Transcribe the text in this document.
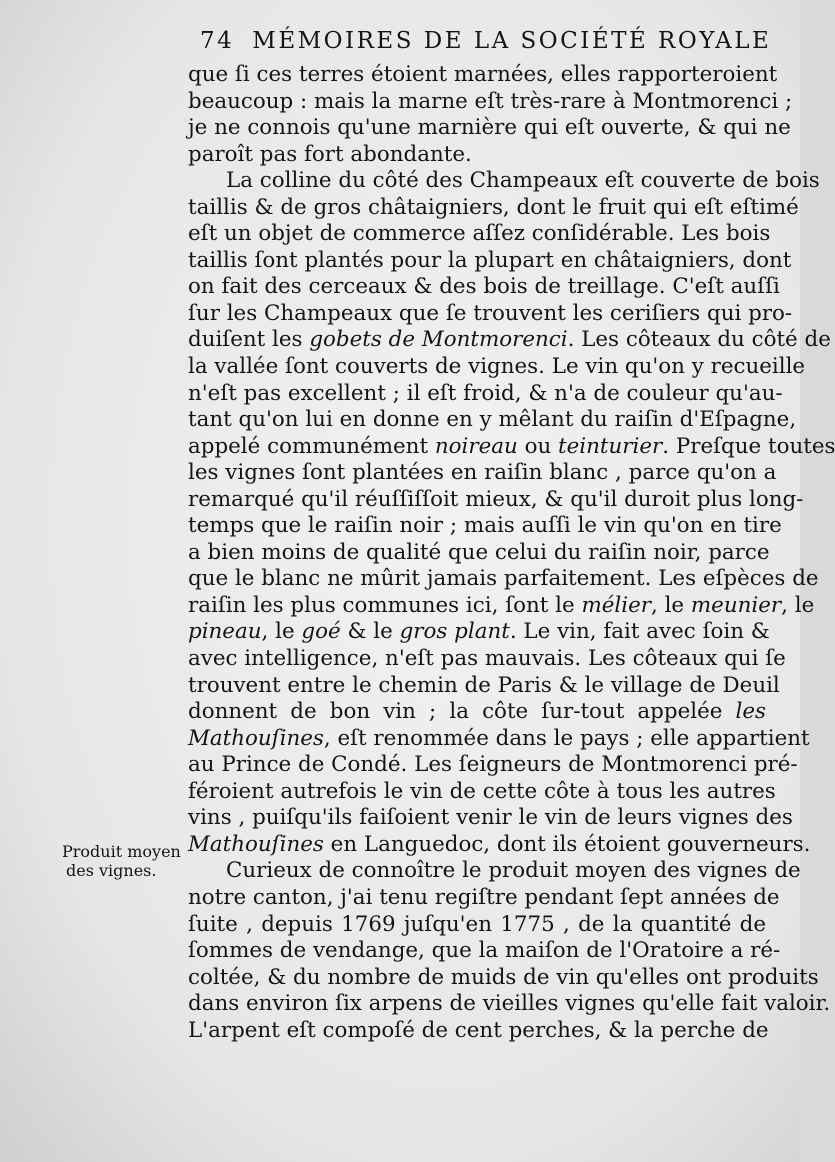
74 MÉMOIRES DE LA SOCIÉTÉ ROYALE
que ſi ces terres étoient marnées, elles rapporteroient
beaucoup : mais la marne eſt très-rare à Montmorenci ;
je ne connois qu'une marnière qui eſt ouverte, & qui ne
paroît pas fort abondante.
La colline du côté des Champeaux eſt couverte de bois
taillis & de gros châtaigniers, dont le fruit qui eſt eſtimé
eſt un objet de commerce aſſez conſidérable. Les bois
taillis ſont plantés pour la plupart en châtaigniers, dont
on fait des cerceaux & des bois de treillage. C'eſt auſſi
ſur les Champeaux que ſe trouvent les ceriſiers qui pro-
duiſent les gobets de Montmorenci. Les côteaux du côté de
la vallée ſont couverts de vignes. Le vin qu'on y recueille
n'eſt pas excellent ; il eſt froid, & n'a de couleur qu'au-
tant qu'on lui en donne en y mêlant du raiſin d'Eſpagne,
appelé communément noireau ou teinturier. Preſque toutes
les vignes ſont plantées en raiſin blanc , parce qu'on a
remarqué qu'il réuſſiſſoit mieux, & qu'il duroit plus long-
temps que le raiſin noir ; mais auſſi le vin qu'on en tire
a bien moins de qualité que celui du raiſin noir, parce
que le blanc ne mûrit jamais parfaitement. Les eſpèces de
raiſin les plus communes ici, ſont le mélier, le meunier, le
pineau, le goé & le gros plant. Le vin, fait avec ſoin &
avec intelligence, n'eſt pas mauvais. Les côteaux qui ſe
trouvent entre le chemin de Paris & le village de Deuil
donnent de bon vin ; la côte ſur-tout appelée les
Mathouſines, eſt renommée dans le pays ; elle appartient
au Prince de Condé. Les ſeigneurs de Montmorenci pré-
féroient autrefois le vin de cette côte à tous les autres
vins , puiſqu'ils faiſoient venir le vin de leurs vignes des
Mathouſines en Languedoc, dont ils étoient gouverneurs.
Curieux de connoître le produit moyen des vignes de
notre canton, j'ai tenu regiſtre pendant ſept années de
ſuite , depuis 1769 juſqu'en 1775 , de la quantité de
ſommes de vendange, que la maiſon de l'Oratoire a ré-
coltée, & du nombre de muids de vin qu'elles ont produits
dans environ ſix arpens de vieilles vignes qu'elle fait valoir.
L'arpent eſt compoſé de cent perches, & la perche de
Produit moyen

des vignes.
